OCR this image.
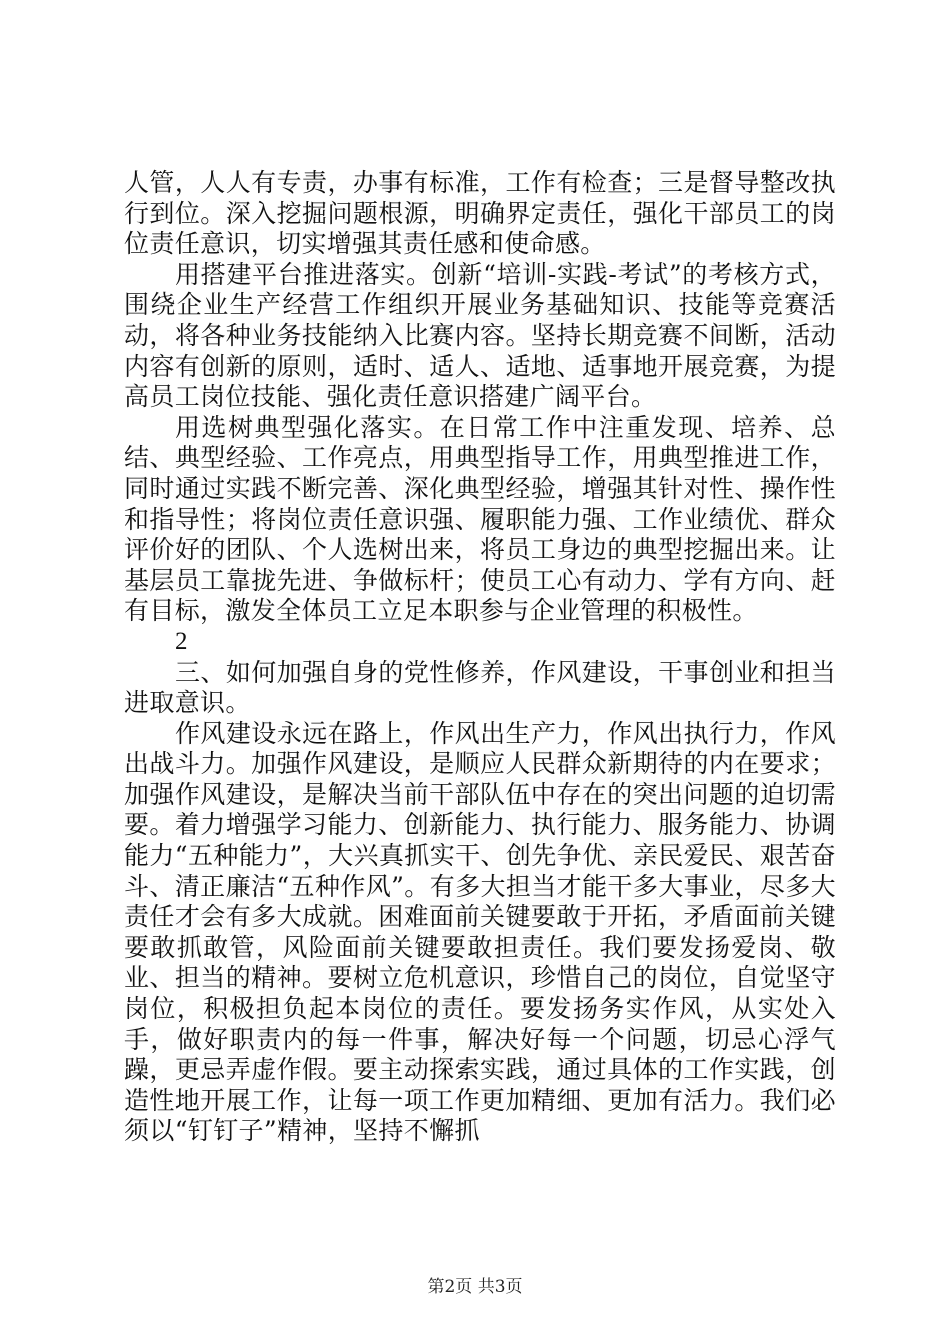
人管，人人有专责，办事有标准，工作有检查；三是督导整改执行到位。深入挖掘问题根源，明确界定责任，强化干部员工的岗位责任意识，切实增强其责任感和使命感。

用搭建平台推进落实。创新“培训-实践-考试”的考核方式，围绕企业生产经营工作组织开展业务基础知识、技能等竞赛活动，将各种业务技能纳入比赛内容。坚持长期竞赛不间断，活动内容有创新的原则，适时、适人、适地、适事地开展竞赛，为提高员工岗位技能、强化责任意识搭建广阔平台。

用选树典型强化落实。在日常工作中注重发现、培养、总结、典型经验、工作亮点，用典型指导工作，用典型推进工作，同时通过实践不断完善、深化典型经验，增强其针对性、操作性和指导性；将岗位责任意识强、履职能力强、工作业绩优、群众评价好的团队、个人选树出来，将员工身边的典型挖掘出来。让基层员工靠拢先进、争做标杆；使员工心有动力、学有方向、赶有目标，激发全体员工立足本职参与企业管理的积极性。

2

三、如何加强自身的党性修养，作风建设，干事创业和担当进取意识。

作风建设永远在路上，作风出生产力，作风出执行力，作风出战斗力。加强作风建设，是顺应人民群众新期待的内在要求；加强作风建设，是解决当前干部队伍中存在的突出问题的迫切需要。着力增强学习能力、创新能力、执行能力、服务能力、协调能力“五种能力”，大兴真抓实干、创先争优、亲民爱民、艰苦奋斗、清正廉洁“五种作风”。有多大担当才能干多大事业，尽多大责任才会有多大成就。困难面前关键要敢于开拓，矛盾面前关键要敢抓敢管，风险面前关键要敢担责任。我们要发扬爱岗、敬业、担当的精神。要树立危机意识，珍惜自己的岗位，自觉坚守岗位，积极担负起本岗位的责任。要发扬务实作风，从实处入手，做好职责内的每一件事，解决好每一个问题，切忌心浮气躁，更忌弄虚作假。要主动探索实践，通过具体的工作实践，创造性地开展工作，让每一项工作更加精细、更加有活力。我们必须以“钉钉子”精神，坚持不懈抓

第2页 共3页
